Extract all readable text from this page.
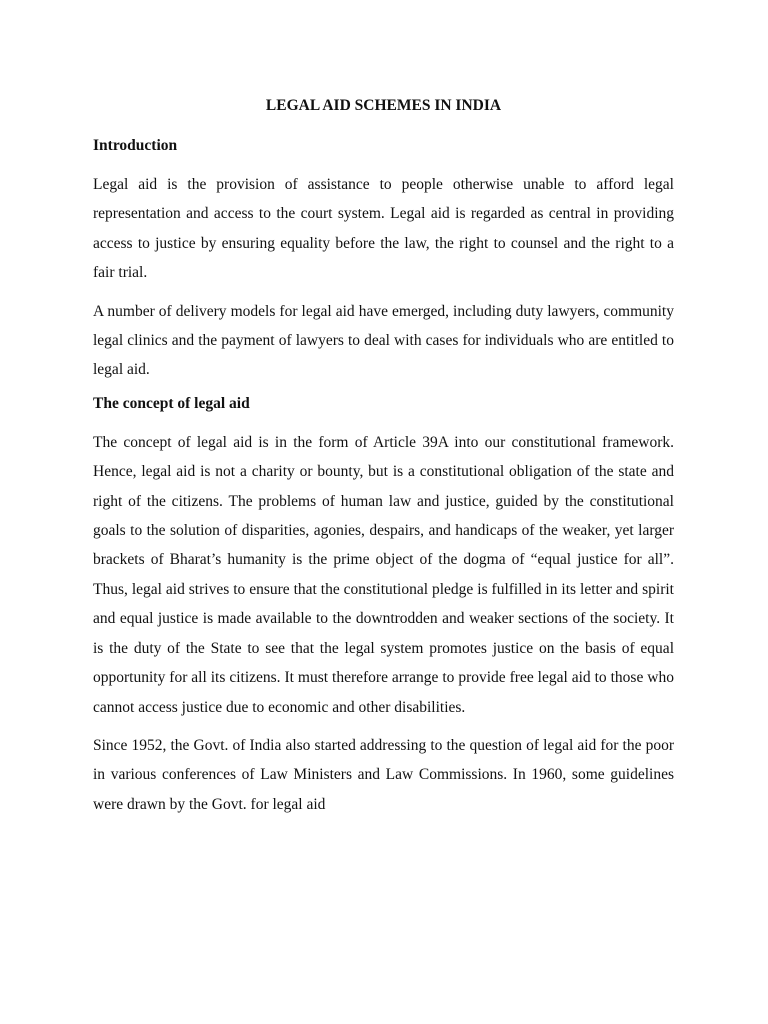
LEGAL AID SCHEMES IN INDIA
Introduction

Legal aid is the provision of assistance to people otherwise unable to afford legal representation and access to the court system. Legal aid is regarded as central in providing access to justice by ensuring equality before the law, the right to counsel and the right to a fair trial.

A number of delivery models for legal aid have emerged, including duty lawyers, community legal clinics and the payment of lawyers to deal with cases for individuals who are entitled to legal aid.

The concept of legal aid

The concept of legal aid is in the form of Article 39A into our constitutional framework. Hence, legal aid is not a charity or bounty, but is a constitutional obligation of the state and right of the citizens. The problems of human law and justice, guided by the constitutional goals to the solution of disparities, agonies, despairs, and handicaps of the weaker, yet larger brackets of Bharat’s humanity is the prime object of the dogma of “equal justice for all”. Thus, legal aid strives to ensure that the constitutional pledge is fulfilled in its letter and spirit and equal justice is made available to the downtrodden and weaker sections of the society. It is the duty of the State to see that the legal system promotes justice on the basis of equal opportunity for all its citizens. It must therefore arrange to provide free legal aid to those who cannot access justice due to economic and other disabilities.

Since 1952, the Govt. of India also started addressing to the question of legal aid for the poor in various conferences of Law Ministers and Law Commissions. In 1960, some guidelines were drawn by the Govt. for legal aid
